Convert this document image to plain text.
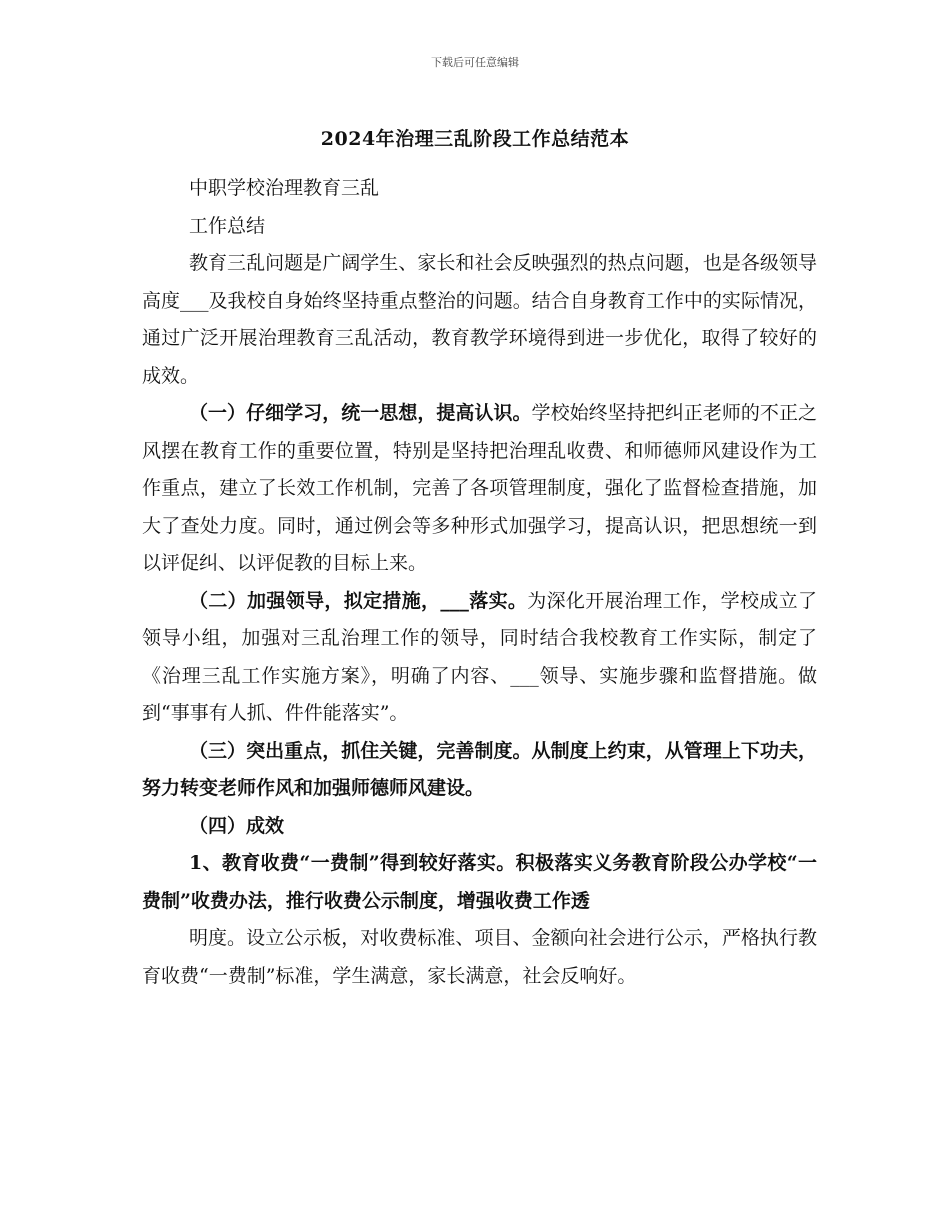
下载后可任意编辑
2024年治理三乱阶段工作总结范本

中职学校治理教育三乱

工作总结

教育三乱问题是广阔学生、家长和社会反映强烈的热点问题，也是各级领导高度___及我校自身始终坚持重点整治的问题。结合自身教育工作中的实际情况，通过广泛开展治理教育三乱活动，教育教学环境得到进一步优化，取得了较好的成效。

（一）仔细学习，统一思想，提高认识。学校始终坚持把纠正老师的不正之风摆在教育工作的重要位置，特别是坚持把治理乱收费、和师德师风建设作为工作重点，建立了长效工作机制，完善了各项管理制度，强化了监督检查措施，加大了查处力度。同时，通过例会等多种形式加强学习，提高认识，把思想统一到以评促纠、以评促教的目标上来。

（二）加强领导，拟定措施，___落实。为深化开展治理工作，学校成立了领导小组，加强对三乱治理工作的领导，同时结合我校教育工作实际，制定了《治理三乱工作实施方案》，明确了内容、___领导、实施步骤和监督措施。做到“事事有人抓、件件能落实”。

（三）突出重点，抓住关键，完善制度。从制度上约束，从管理上下功夫，努力转变老师作风和加强师德师风建设。

（四）成效

1、教育收费“一费制”得到较好落实。积极落实义务教育阶段公办学校“一费制”收费办法，推行收费公示制度，增强收费工作透

明度。设立公示板，对收费标准、项目、金额向社会进行公示，严格执行教育收费“一费制”标准，学生满意，家长满意，社会反响好。
